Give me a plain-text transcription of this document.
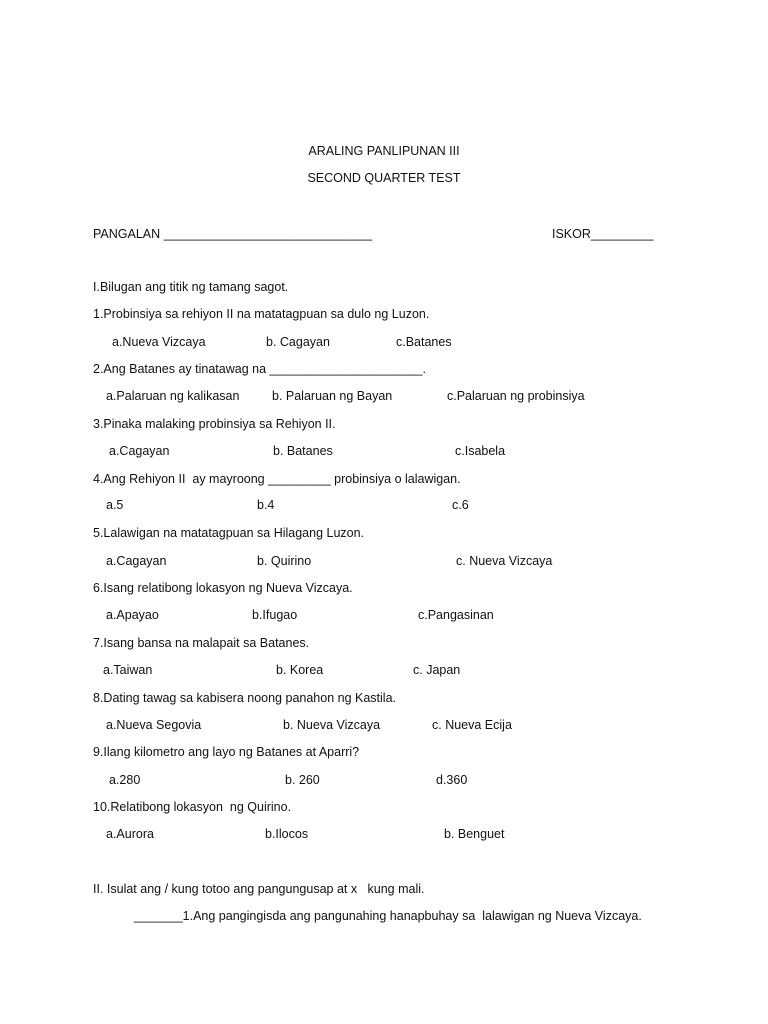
ARALING PANLIPUNAN III
SECOND QUARTER TEST
PANGALAN ______________________________	ISKOR_________
I.Bilugan ang titik ng tamang sagot.
1.Probinsiya sa rehiyon II na matatagpuan sa dulo ng Luzon.
a.Nueva Vizcaya	b. Cagayan	c.Batanes
2.Ang Batanes ay tinatawag na ______________________.
a.Palaruan ng kalikasan	b. Palaruan ng Bayan	c.Palaruan ng probinsiya
3.Pinaka malaking probinsiya sa Rehiyon II.
a.Cagayan	b. Batanes	c.Isabela
4.Ang Rehiyon II  ay mayroong _________ probinsiya o lalawigan.
a.5	b.4	c.6
5.Lalawigan na matatagpuan sa Hilagang Luzon.
a.Cagayan	b. Quirino	c. Nueva Vizcaya
6.Isang relatibong lokasyon ng Nueva Vizcaya.
a.Apayao	b.Ifugao	c.Pangasinan
7.Isang bansa na malapait sa Batanes.
a.Taiwan	b. Korea	c. Japan
8.Dating tawag sa kabisera noong panahon ng Kastila.
a.Nueva Segovia	b. Nueva Vizcaya	c. Nueva Ecija
9.Ilang kilometro ang layo ng Batanes at Aparri?
a.280	b. 260	d.360
10.Relatibong lokasyon  ng Quirino.
a.Aurora	b.Ilocos	b. Benguet
II. Isulat ang / kung totoo ang pangungusap at x   kung mali.
_______1.Ang pangingisda ang pangunahing hanapbuhay sa  lalawigan ng Nueva Vizcaya.
